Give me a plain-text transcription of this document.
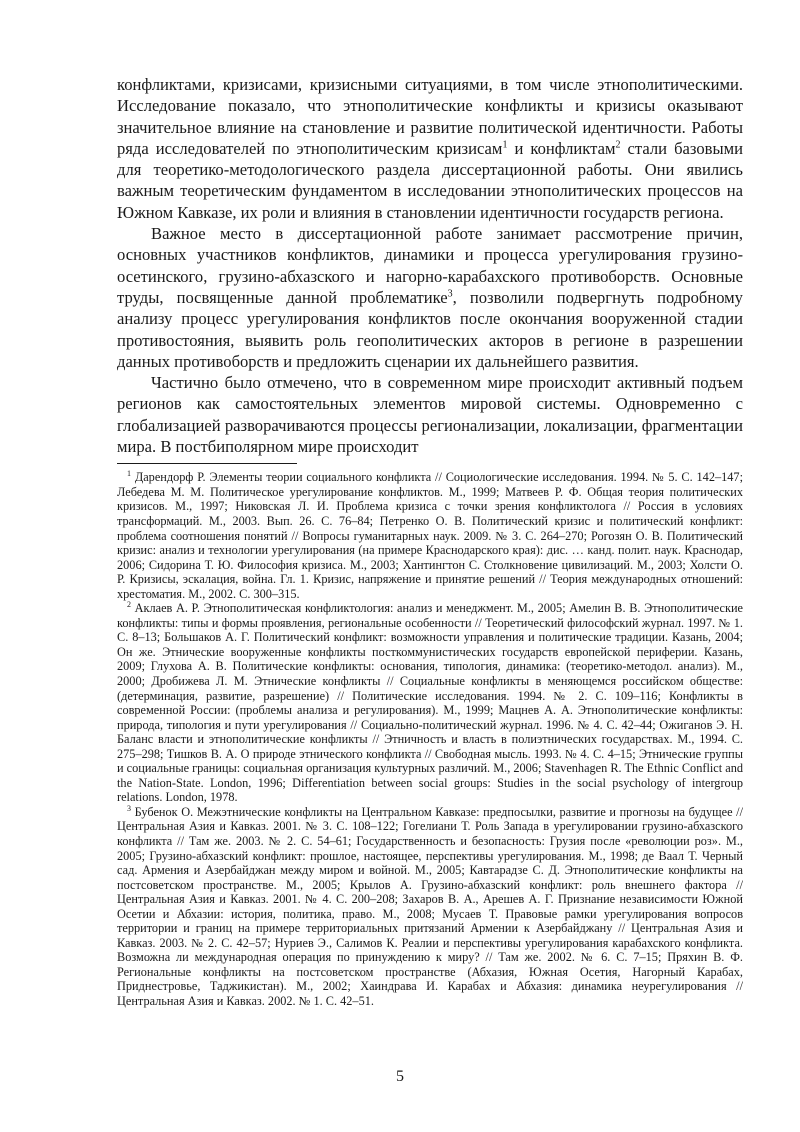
конфликтами, кризисами, кризисными ситуациями, в том числе этнополитическими. Исследование показало, что этнополитические конфликты и кризисы оказывают значительное влияние на становление и развитие политической идентичности. Работы ряда исследователей по этнополитическим кризисам$^1$ и конфликтам$^2$ стали базовыми для теоретико-методологического раздела диссертационной работы. Они явились важным теоретическим фундаментом в исследовании этнополитических процессов на Южном Кавказе, их роли и влияния в становлении идентичности государств региона.

Важное место в диссертационной работе занимает рассмотрение причин, основных участников конфликтов, динамики и процесса урегулирования грузино-осетинского, грузино-абхазского и нагорно-карабахского противоборств. Основные труды, посвященные данной проблематике$^3$, позволили подвергнуть подробному анализу процесс урегулирования конфликтов после окончания вооруженной стадии противостояния, выявить роль геополитических акторов в регионе в разрешении данных противоборств и предложить сценарии их дальнейшего развития.

Частично было отмечено, что в современном мире происходит активный подъем регионов как самостоятельных элементов мировой системы. Одновременно с глобализацией разворачиваются процессы регионализации, локализации, фрагментации мира. В постбиполярном мире происходит

$^1$ Дарендорф Р. Элементы теории социального конфликта // Социологические исследования. 1994. № 5. С. 142–147; Лебедева М. М. Политическое урегулирование конфликтов. М., 1999; Матвеев Р. Ф. Общая теория политических кризисов. М., 1997; Никовская Л. И. Проблема кризиса с точки зрения конфликтолога // Россия в условиях трансформаций. М., 2003. Вып. 26. С. 76–84; Петренко О. В. Политический кризис и политический конфликт: проблема соотношения понятий // Вопросы гуманитарных наук. 2009. № 3. С. 264–270; Рогозян О. В. Политический кризис: анализ и технологии урегулирования (на примере Краснодарского края): дис. … канд. полит. наук. Краснодар, 2006; Сидорина Т. Ю. Философия кризиса. М., 2003; Хантингтон С. Столкновение цивилизаций. М., 2003; Холсти О. Р. Кризисы, эскалация, война. Гл. 1. Кризис, напряжение и принятие решений // Теория международных отношений: хрестоматия. М., 2002. С. 300–315.

$^2$ Аклаев А. Р. Этнополитическая конфликтология: анализ и менеджмент. М., 2005; Амелин В. В. Этнополитические конфликты: типы и формы проявления, региональные особенности // Теоретический философский журнал. 1997. № 1. С. 8–13; Большаков А. Г. Политический конфликт: возможности управления и политические традиции. Казань, 2004; Он же. Этнические вооруженные конфликты посткоммунистических государств европейской периферии. Казань, 2009; Глухова А. В. Политические конфликты: основания, типология, динамика: (теоретико-методол. анализ). М., 2000; Дробижева Л. М. Этнические конфликты // Социальные конфликты в меняющемся российском обществе: (детерминация, развитие, разрешение) // Политические исследования. 1994. № 2. С. 109–116; Конфликты в современной России: (проблемы анализа и регулирования). М., 1999; Мацнев А. А. Этнополитические конфликты: природа, типология и пути урегулирования // Социально-политический журнал. 1996. № 4. С. 42–44; Ожиганов Э. Н. Баланс власти и этнополитические конфликты // Этничность и власть в полиэтнических государствах. М., 1994. С. 275–298; Тишков В. А. О природе этнического конфликта // Свободная мысль. 1993. № 4. С. 4–15; Этнические группы и социальные границы: социальная организация культурных различий. М., 2006; Stavenhagen R. The Ethnic Conflict and the Nation-State. London, 1996; Differentiation between social groups: Studies in the social psychology of intergroup relations. London, 1978.

$^3$ Бубенок О. Межэтнические конфликты на Центральном Кавказе: предпосылки, развитие и прогнозы на будущее // Центральная Азия и Кавказ. 2001. № 3. С. 108–122; Гогелиани Т. Роль Запада в урегулировании грузино-абхазского конфликта // Там же. 2003. № 2. С. 54–61; Государственность и безопасность: Грузия после «революции роз». М., 2005; Грузино-абхазский конфликт: прошлое, настоящее, перспективы урегулирования. М., 1998; де Ваал Т. Черный сад. Армения и Азербайджан между миром и войной. М., 2005; Кавтарадзе С. Д. Этнополитические конфликты на постсоветском пространстве. М., 2005; Крылов А. Грузино-абхазский конфликт: роль внешнего фактора // Центральная Азия и Кавказ. 2001. № 4. С. 200–208; Захаров В. А., Арешев А. Г. Признание независимости Южной Осетии и Абхазии: история, политика, право. М., 2008; Мусаев Т. Правовые рамки урегулирования вопросов территории и границ на примере территориальных притязаний Армении к Азербайджану // Центральная Азия и Кавказ. 2003. № 2. С. 42–57; Нуриев Э., Салимов К. Реалии и перспективы урегулирования карабахского конфликта. Возможна ли международная операция по принуждению к миру? // Там же. 2002. № 6. С. 7–15; Пряхин В. Ф. Региональные конфликты на постсоветском пространстве (Абхазия, Южная Осетия, Нагорный Карабах, Приднестровье, Таджикистан). М., 2002; Хаиндрава И. Карабах и Абхазия: динамика неурегулирования // Центральная Азия и Кавказ. 2002. № 1. С. 42–51.

5
